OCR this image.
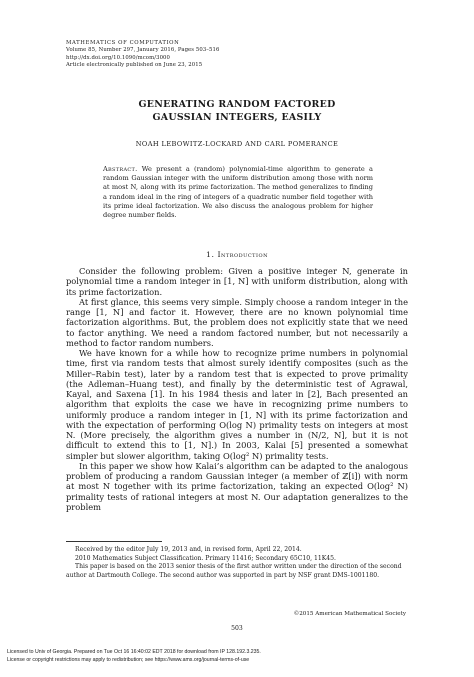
MATHEMATICS OF COMPUTATION
Volume 85, Number 297, January 2016, Pages 503–516
http://dx.doi.org/10.1090/mcom/3000
Article electronically published on June 23, 2015
GENERATING RANDOM FACTORED
GAUSSIAN INTEGERS, EASILY
NOAH LEBOWITZ-LOCKARD AND CARL POMERANCE
Abstract. We present a (random) polynomial-time algorithm to generate a random Gaussian integer with the uniform distribution among those with norm at most N, along with its prime factorization. The method generalizes to finding a random ideal in the ring of integers of a quadratic number field together with its prime ideal factorization. We also discuss the analogous problem for higher degree number fields.
1. Introduction

Consider the following problem: Given a positive integer N, generate in polynomial time a random integer in [1, N] with uniform distribution, along with its prime factorization.

At first glance, this seems very simple. Simply choose a random integer in the range [1, N] and factor it. However, there are no known polynomial time factorization algorithms. But, the problem does not explicitly state that we need to factor anything. We need a random factored number, but not necessarily a method to factor random numbers.

We have known for a while how to recognize prime numbers in polynomial time, first via random tests that almost surely identify composites (such as the Miller–Rabin test), later by a random test that is expected to prove primality (the Adleman–Huang test), and finally by the deterministic test of Agrawal, Kayal, and Saxena [1]. In his 1984 thesis and later in [2], Bach presented an algorithm that exploits the case we have in recognizing prime numbers to uniformly produce a random integer in [1, N] with its prime factorization and with the expectation of performing O(log N) primality tests on integers at most N. (More precisely, the algorithm gives a number in (N/2, N], but it is not difficult to extend this to [1, N].) In 2003, Kalai [5] presented a somewhat simpler but slower algorithm, taking O(log² N) primality tests.

In this paper we show how Kalai’s algorithm can be adapted to the analogous problem of producing a random Gaussian integer (a member of ℤ[i]) with norm at most N together with its prime factorization, taking an expected O(log² N) primality tests of rational integers at most N. Our adaptation generalizes to the problem

Received by the editor July 19, 2013 and, in revised form, April 22, 2014.

2010 Mathematics Subject Classification. Primary 11416; Secondary 65C10, 11K45.

This paper is based on the 2013 senior thesis of the first author written under the direction of the second author at Dartmouth College. The second author was supported in part by NSF grant DMS-1001180.

©2015 American Mathematical Society
503
Licensed to Univ of Georgia. Prepared on Tue Oct 16 16:40:02 EDT 2018 for download from IP 128.192.3.235.
License or copyright restrictions may apply to redistribution; see https://www.ams.org/journal-terms-of-use
